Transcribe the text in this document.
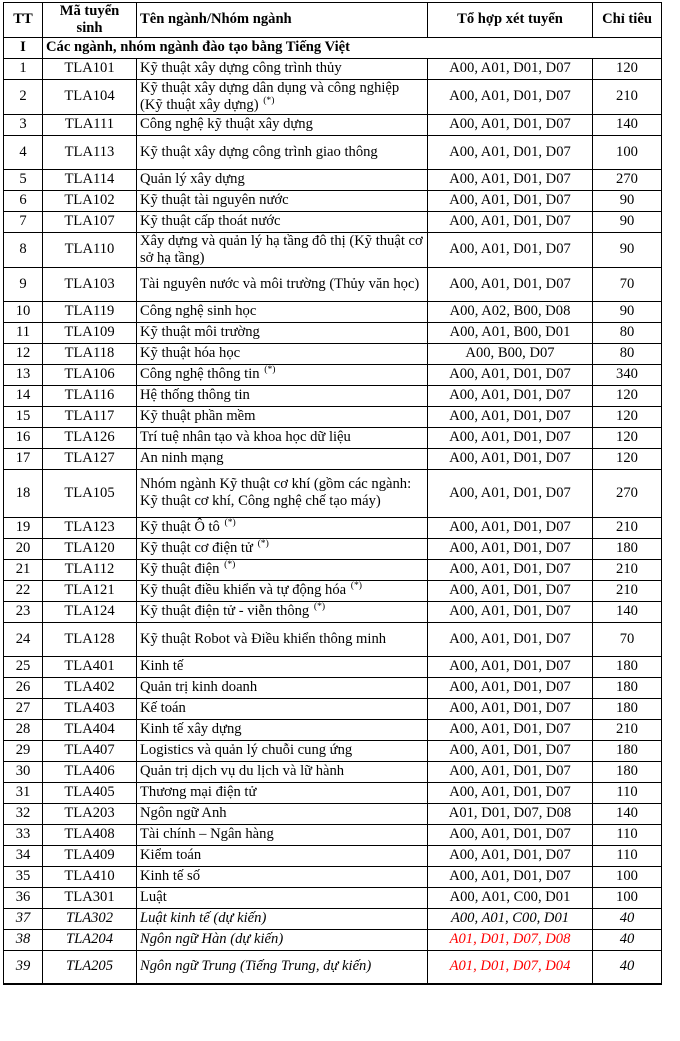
TT	Mã tuyển sinh	Tên ngành/Nhóm ngành	Tổ hợp xét tuyển	Chỉ tiêu
I	Các ngành, nhóm ngành đào tạo bằng Tiếng Việt			
1	TLA101	Kỹ thuật xây dựng công trình thủy	A00, A01, D01, D07	120
2	TLA104	Kỹ thuật xây dựng dân dụng và công nghiệp (Kỹ thuật xây dựng) (*)	A00, A01, D01, D07	210
3	TLA111	Công nghệ kỹ thuật xây dựng	A00, A01, D01, D07	140
4	TLA113	Kỹ thuật xây dựng công trình giao thông	A00, A01, D01, D07	100
5	TLA114	Quản lý xây dựng	A00, A01, D01, D07	270
6	TLA102	Kỹ thuật tài nguyên nước	A00, A01, D01, D07	90
7	TLA107	Kỹ thuật cấp thoát nước	A00, A01, D01, D07	90
8	TLA110	Xây dựng và quản lý hạ tầng đô thị (Kỹ thuật cơ sở hạ tầng)	A00, A01, D01, D07	90
9	TLA103	Tài nguyên nước và môi trường (Thủy văn học)	A00, A01, D01, D07	70
10	TLA119	Công nghệ sinh học	A00, A02, B00, D08	90
11	TLA109	Kỹ thuật môi trường	A00, A01, B00, D01	80
12	TLA118	Kỹ thuật hóa học	A00, B00, D07	80
13	TLA106	Công nghệ thông tin (*)	A00, A01, D01, D07	340
14	TLA116	Hệ thống thông tin	A00, A01, D01, D07	120
15	TLA117	Kỹ thuật phần mềm	A00, A01, D01, D07	120
16	TLA126	Trí tuệ nhân tạo và khoa học dữ liệu	A00, A01, D01, D07	120
17	TLA127	An ninh mạng	A00, A01, D01, D07	120
18	TLA105	Nhóm ngành Kỹ thuật cơ khí (gồm các ngành: Kỹ thuật cơ khí, Công nghệ chế tạo máy)	A00, A01, D01, D07	270
19	TLA123	Kỹ thuật Ô tô (*)	A00, A01, D01, D07	210
20	TLA120	Kỹ thuật cơ điện tử (*)	A00, A01, D01, D07	180
21	TLA112	Kỹ thuật điện (*)	A00, A01, D01, D07	210
22	TLA121	Kỹ thuật điều khiển và tự động hóa (*)	A00, A01, D01, D07	210
23	TLA124	Kỹ thuật điện tử - viễn thông (*)	A00, A01, D01, D07	140
24	TLA128	Kỹ thuật Robot và Điều khiển thông minh	A00, A01, D01, D07	70
25	TLA401	Kinh tế	A00, A01, D01, D07	180
26	TLA402	Quản trị kinh doanh	A00, A01, D01, D07	180
27	TLA403	Kế toán	A00, A01, D01, D07	180
28	TLA404	Kinh tế xây dựng	A00, A01, D01, D07	210
29	TLA407	Logistics và quản lý chuỗi cung ứng	A00, A01, D01, D07	180
30	TLA406	Quản trị dịch vụ du lịch và lữ hành	A00, A01, D01, D07	180
31	TLA405	Thương mại điện tử	A00, A01, D01, D07	110
32	TLA203	Ngôn ngữ Anh	A01, D01, D07, D08	140
33	TLA408	Tài chính – Ngân hàng	A00, A01, D01, D07	110
34	TLA409	Kiểm toán	A00, A01, D01, D07	110
35	TLA410	Kinh tế số	A00, A01, D01, D07	100
36	TLA301	Luật	A00, A01, C00, D01	100
37	TLA302	Luật kinh tế (dự kiến)	A00, A01, C00, D01	40
38	TLA204	Ngôn ngữ Hàn (dự kiến)	A01, D01, D07, D08	40
39	TLA205	Ngôn ngữ Trung (Tiếng Trung, dự kiến)	A01, D01, D07, D04	40
